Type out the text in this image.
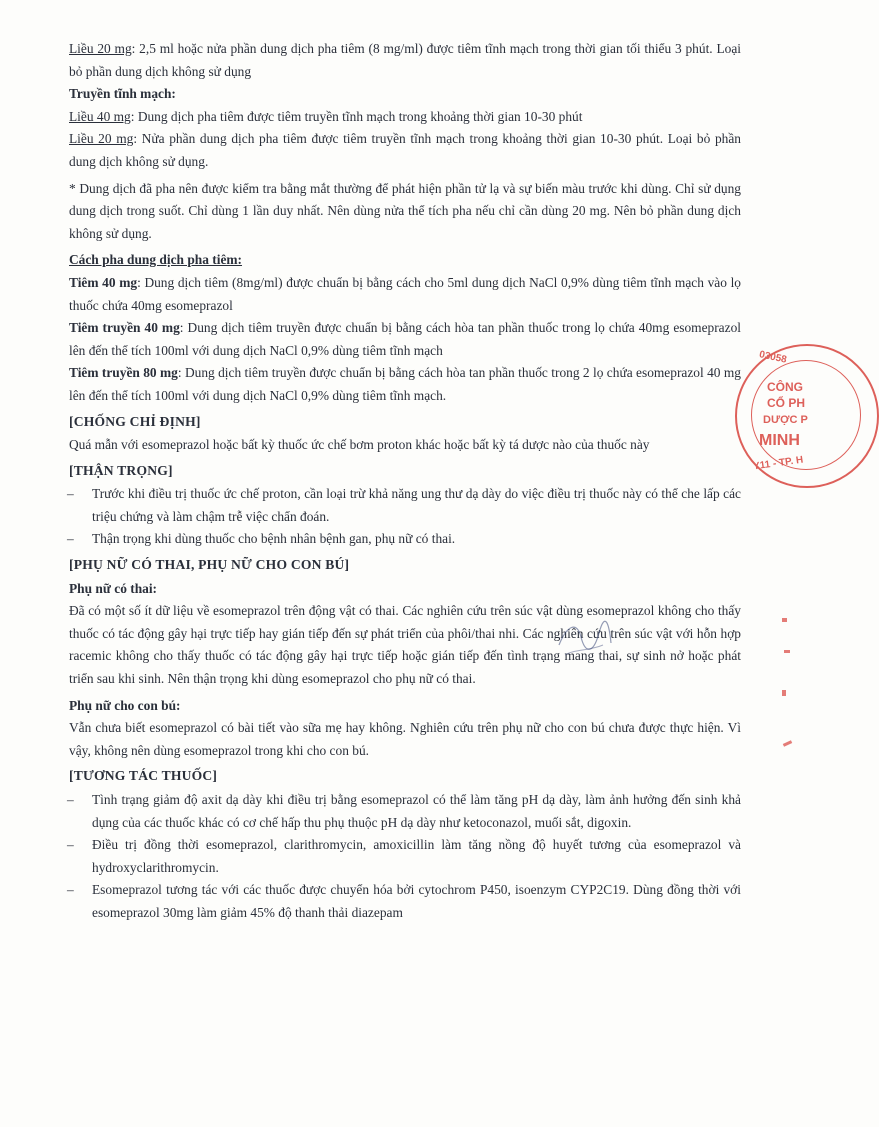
Liều 20 mg: 2,5 ml hoặc nửa phần dung dịch pha tiêm (8 mg/ml) được tiêm tĩnh mạch trong thời gian tối thiểu 3 phút. Loại bỏ phần dung dịch không sử dụng

Truyền tĩnh mạch:

Liều 40 mg: Dung dịch pha tiêm được tiêm truyền tĩnh mạch trong khoảng thời gian 10-30 phút

Liều 20 mg: Nửa phần dung dịch pha tiêm được tiêm truyền tĩnh mạch trong khoảng thời gian 10-30 phút. Loại bỏ phần dung dịch không sử dụng.

* Dung dịch đã pha nên được kiểm tra bằng mắt thường để phát hiện phần tử lạ và sự biến màu trước khi dùng. Chỉ sử dụng dung dịch trong suốt. Chỉ dùng 1 lần duy nhất. Nên dùng nửa thể tích pha nếu chỉ cần dùng 20 mg. Nên bỏ phần dung dịch không sử dụng.

Cách pha dung dịch pha tiêm:

Tiêm 40 mg: Dung dịch tiêm (8mg/ml) được chuẩn bị bằng cách cho 5ml dung dịch NaCl 0,9% dùng tiêm tĩnh mạch vào lọ thuốc chứa 40mg esomeprazol

Tiêm truyền 40 mg: Dung dịch tiêm truyền được chuẩn bị bằng cách hòa tan phần thuốc trong lọ chứa 40mg esomeprazol lên đến thể tích 100ml với dung dịch NaCl 0,9% dùng tiêm tĩnh mạch

Tiêm truyền 80 mg: Dung dịch tiêm truyền được chuẩn bị bằng cách hòa tan phần thuốc trong 2 lọ chứa esomeprazol 40 mg lên đến thể tích 100ml với dung dịch NaCl 0,9% dùng tiêm tĩnh mạch.

[CHỐNG CHỈ ĐỊNH]

Quá mẫn với esomeprazol hoặc bất kỳ thuốc ức chế bơm proton khác hoặc bất kỳ tá dược nào của thuốc này

[THẬN TRỌNG]

– Trước khi điều trị thuốc ức chế proton, cần loại trừ khả năng ung thư dạ dày do việc điều trị thuốc này có thể che lấp các triệu chứng và làm chậm trễ việc chẩn đoán.

– Thận trọng khi dùng thuốc cho bệnh nhân bệnh gan, phụ nữ có thai.

[PHỤ NỮ CÓ THAI, PHỤ NỮ CHO CON BÚ]

Phụ nữ có thai:

Đã có một số ít dữ liệu về esomeprazol trên động vật có thai. Các nghiên cứu trên súc vật dùng esomeprazol không cho thấy thuốc có tác động gây hại trực tiếp hay gián tiếp đến sự phát triển của phôi/thai nhi. Các nghiên cứu trên súc vật với hỗn hợp racemic không cho thấy thuốc có tác động gây hại trực tiếp hoặc gián tiếp đến tình trạng mang thai, sự sinh nở hoặc phát triển sau khi sinh. Nên thận trọng khi dùng esomeprazol cho phụ nữ có thai.

Phụ nữ cho con bú:

Vẫn chưa biết esomeprazol có bài tiết vào sữa mẹ hay không. Nghiên cứu trên phụ nữ cho con bú chưa được thực hiện. Vì vậy, không nên dùng esomeprazol trong khi cho con bú.

[TƯƠNG TÁC THUỐC]

– Tình trạng giảm độ axit dạ dày khi điều trị bằng esomeprazol có thể làm tăng pH dạ dày, làm ảnh hưởng đến sinh khả dụng của các thuốc khác có cơ chế hấp thu phụ thuộc pH dạ dày như ketoconazol, muối sắt, digoxin.

– Điều trị đồng thời esomeprazol, clarithromycin, amoxicillin làm tăng nồng độ huyết tương của esomeprazol và hydroxyclarithromycin.

– Esomeprazol tương tác với các thuốc được chuyển hóa bởi cytochrom P450, isoenzym CYP2C19. Dùng đồng thời với esomeprazol 30mg làm giảm 45% độ thanh thải diazepam

03058
CÔNG
CỔ PH
DƯỢC P
MINH
Y11 - TP. H
